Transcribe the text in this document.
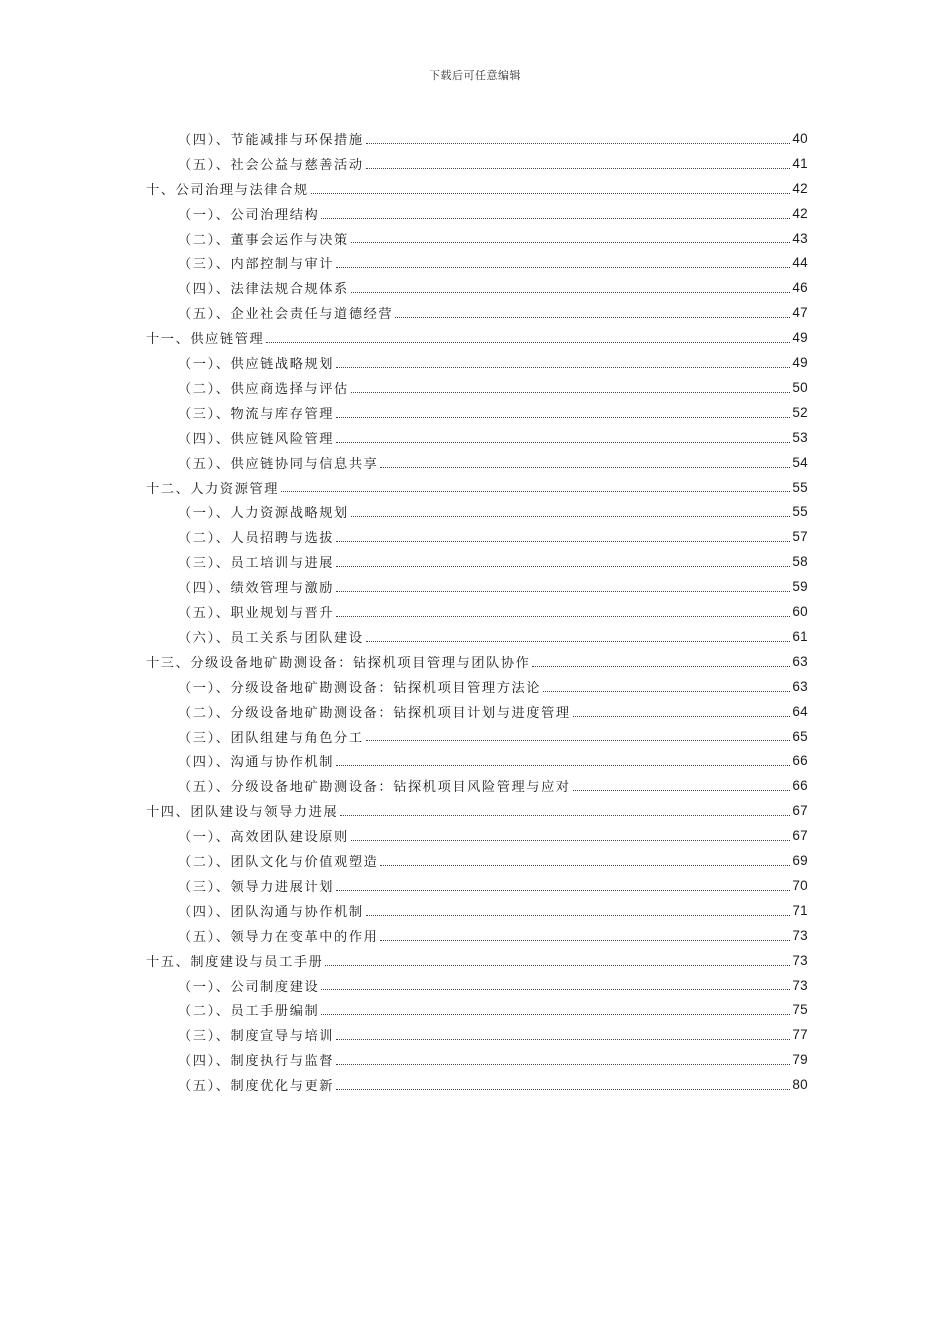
下载后可任意编辑
（四）、节能减排与环保措施	40
（五）、社会公益与慈善活动	41
十、公司治理与法律合规	42
（一）、公司治理结构	42
（二）、董事会运作与决策	43
（三）、内部控制与审计	44
（四）、法律法规合规体系	46
（五）、企业社会责任与道德经营	47
十一、供应链管理	49
（一）、供应链战略规划	49
（二）、供应商选择与评估	50
（三）、物流与库存管理	52
（四）、供应链风险管理	53
（五）、供应链协同与信息共享	54
十二、人力资源管理	55
（一）、人力资源战略规划	55
（二）、人员招聘与选拔	57
（三）、员工培训与进展	58
（四）、绩效管理与激励	59
（五）、职业规划与晋升	60
（六）、员工关系与团队建设	61
十三、分级设备地矿勘测设备：钻探机项目管理与团队协作	63
（一）、分级设备地矿勘测设备：钻探机项目管理方法论	63
（二）、分级设备地矿勘测设备：钻探机项目计划与进度管理	64
（三）、团队组建与角色分工	65
（四）、沟通与协作机制	66
（五）、分级设备地矿勘测设备：钻探机项目风险管理与应对	66
十四、团队建设与领导力进展	67
（一）、高效团队建设原则	67
（二）、团队文化与价值观塑造	69
（三）、领导力进展计划	70
（四）、团队沟通与协作机制	71
（五）、领导力在变革中的作用	73
十五、制度建设与员工手册	73
（一）、公司制度建设	73
（二）、员工手册编制	75
（三）、制度宣导与培训	77
（四）、制度执行与监督	79
（五）、制度优化与更新	80
